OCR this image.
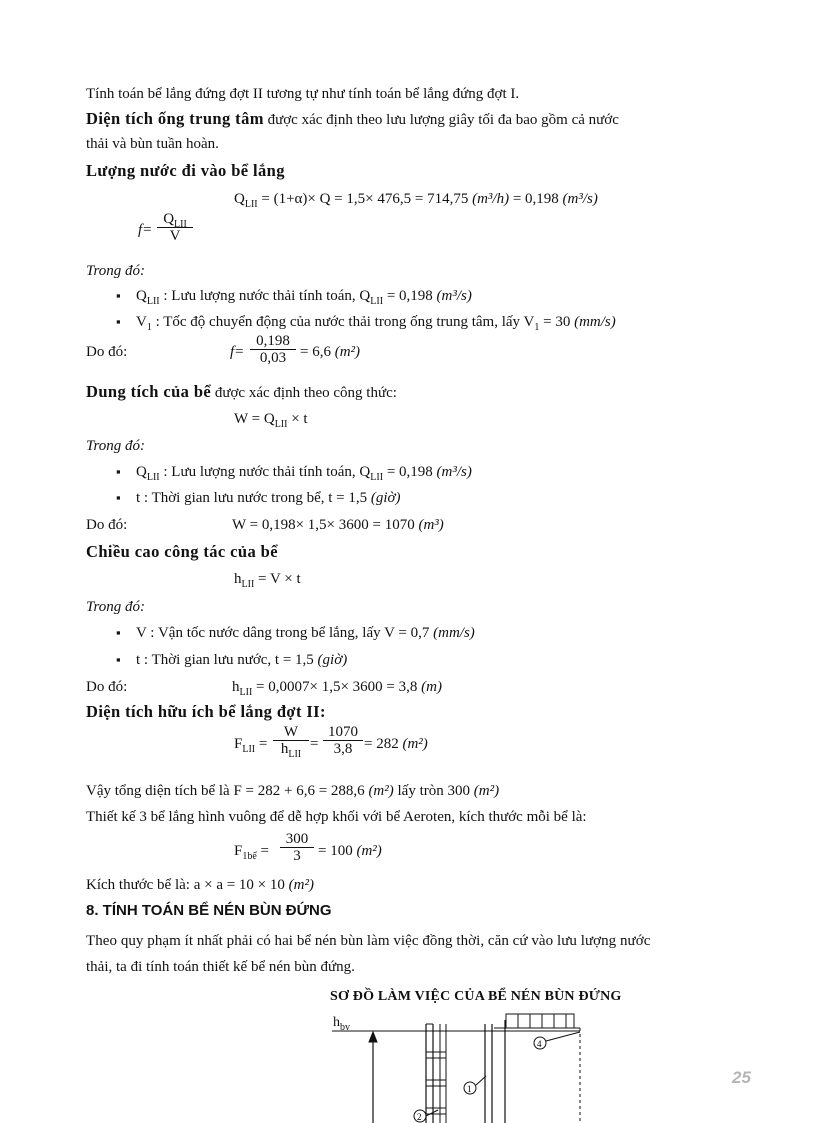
Tính toán bể lắng đứng đợt II tương tự như tính toán bể lắng đứng đợt I.
Diện tích ống trung tâm được xác định theo lưu lượng giây tối đa bao gồm cả nước
thải và bùn tuần hoàn.
Lượng nước đi vào bể lắng
$Q_{LII} = (1+\alpha)\times Q = 1,5\times 476,5 = 714,75$ (m³/h) = 0,198 (m³/s)
f=
$Q_{LII}$
V
Trong đó:
▪ $Q_{LII}$ : Lưu lượng nước thải tính toán, $Q_{LII} = 0,198$ (m³/s)
▪ $V_1$ : Tốc độ chuyển động của nước thải trong ống trung tâm, lấy $V_1 = 30$ (mm/s)
Do đó:	$f= \frac{0,198}{0,03} = 6,6$ (m²)
Dung tích của bể được xác định theo công thức:
$W = Q_{LII} \times t$
Trong đó:
▪ $Q_{LII}$ : Lưu lượng nước thải tính toán, $Q_{LII} = 0,198$ (m³/s)
▪ t : Thời gian lưu nước trong bể, t = 1,5 (giờ)
Do đó:	W = 0,198× 1,5× 3600 = 1070 (m³)
Chiều cao công tác của bể
$h_{LII} = V \times t$
Trong đó:
▪ V : Vận tốc nước dâng trong bể lắng, lấy V = 0,7 (mm/s)
▪ t : Thời gian lưu nước, t = 1,5 (giờ)
Do đó:	$h_{LII} = 0,0007\times 1,5\times 3600 = 3,8$ (m)
Diện tích hữu ích bể lắng đợt II:
$F_{LII}$ =
W
$h_{LII}$
= $\frac{1070}{3,8} = 282$ (m²)
Vậy tổng diện tích bể là F = 282 + 6,6 = 288,6 (m²) lấy tròn 300 (m²)
Thiết kế 3 bể lắng hình vuông để dễ hợp khối với bể Aeroten, kích thước mỗi bể là:
$F_{1bể} = \frac{300}{3} = 100$ (m²)
Kích thước bể là: a × a = 10 × 10 (m²)
8. TÍNH TOÁN BỂ NÉN BÙN ĐỨNG
Theo quy phạm ít nhất phải có hai bể nén bùn làm việc đồng thời, căn cứ vào lưu lượng nước
thải, ta đi tính toán thiết kế bể nén bùn đứng.
SƠ ĐỒ LÀM VIỆC CỦA BỂ NÉN BÙN ĐỨNG
$h_{bv}$
4
1
2
25
